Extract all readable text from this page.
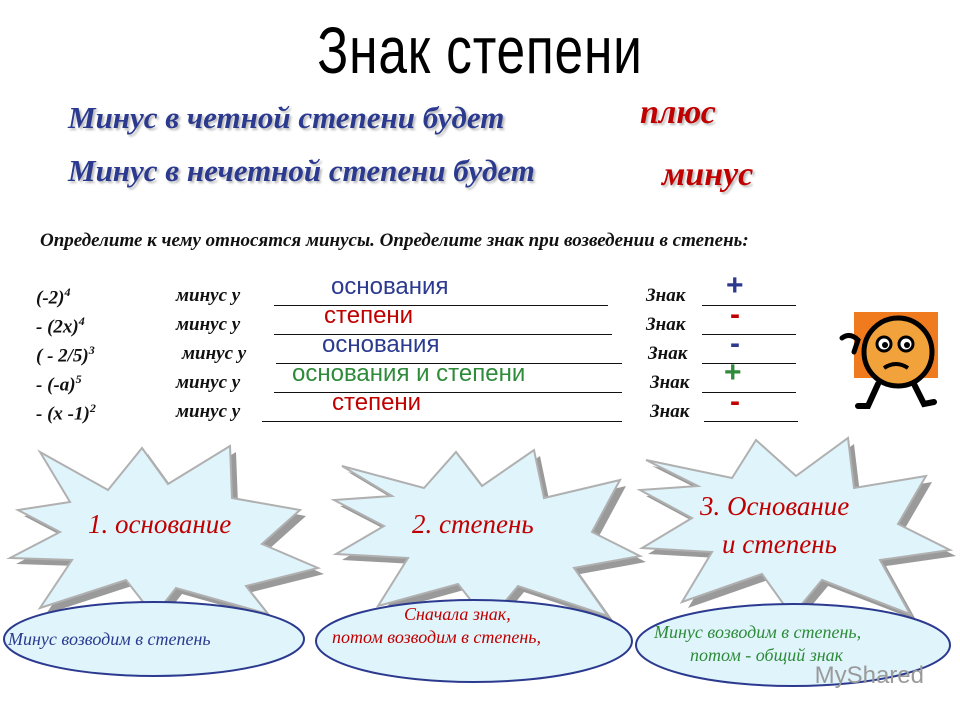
Знак степени
Минус в четной степени будет	плюс
Минус в нечетной степени будет	минус
Определите к чему относятся минусы. Определите знак при возведении в степень:
$(-2)^4$	минус у	основания	Знак +
- $(2x)^4$	минус у	степени	Знак -
( - 2/5)$^3$	минус у	основания	Знак -
- $(-a)^5$	минус у основания и степени	Знак +
- (x -1)$^2$	минус у	степени	Знак -
1. основание	2. степень
3. Основание
и степень
Минус возводим в степень
Сначала знак,
потом возводим в степень,	Минус возводим в степень,
потом - общий знак
MyShared
